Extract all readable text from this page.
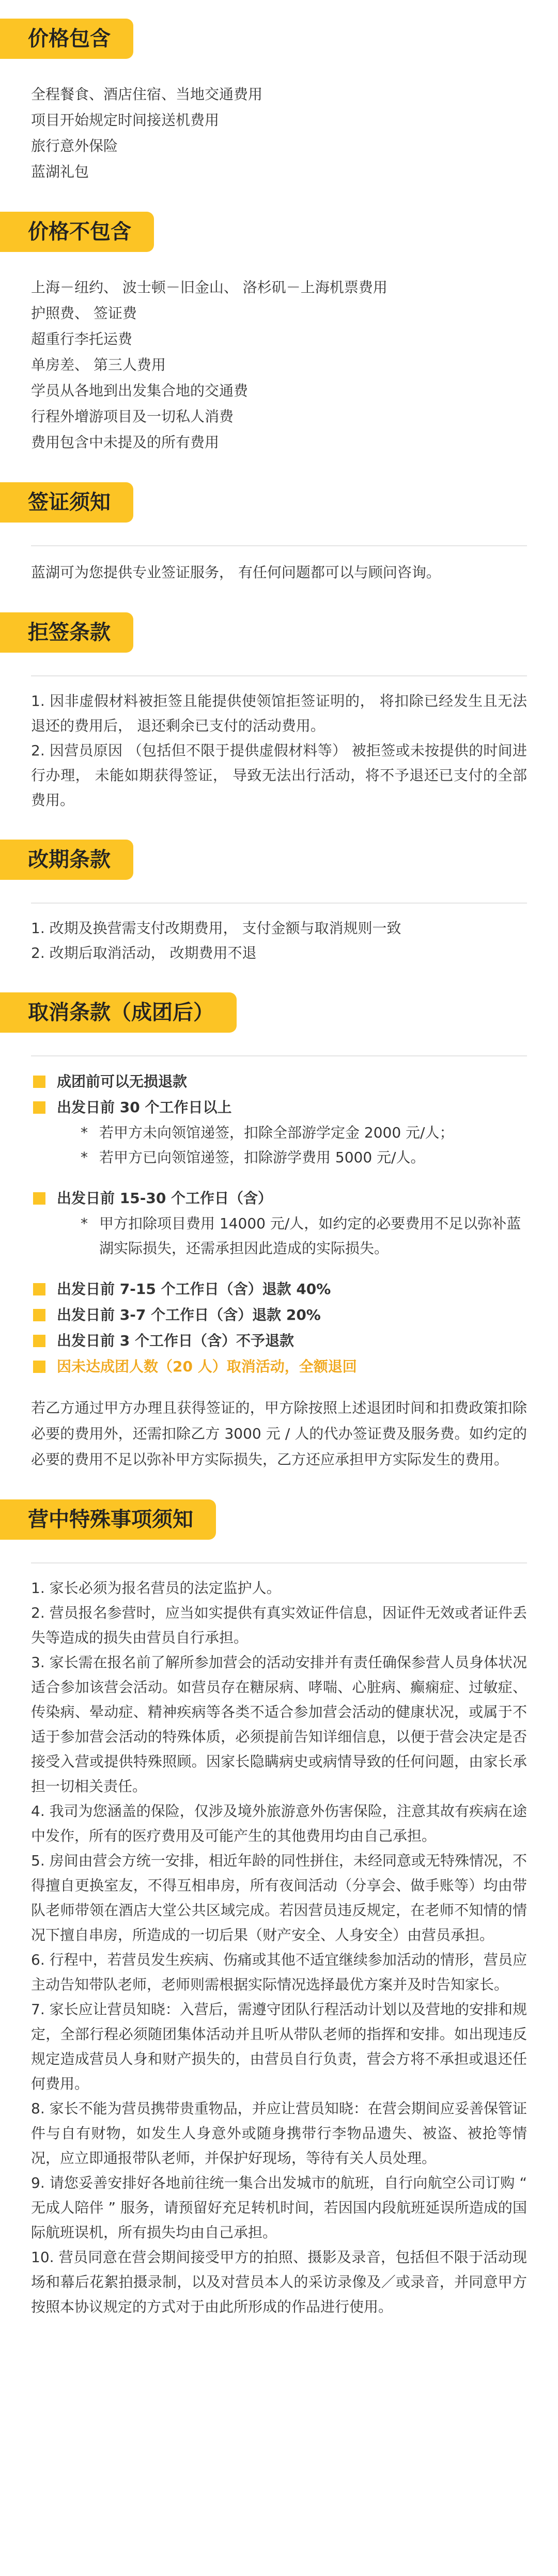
价格包含
全程餐食、酒店住宿、当地交通费用
项目开始规定时间接送机费用
旅行意外保险
蓝湖礼包
价格不包含
上海－纽约、 波士顿－旧金山、 洛杉矶－上海机票费用
护照费、 签证费
超重行李托运费
单房差、 第三人费用
学员从各地到出发集合地的交通费
行程外增游项目及一切私人消费
费用包含中未提及的所有费用
签证须知
蓝湖可为您提供专业签证服务， 有任何问题都可以与顾问咨询。
拒签条款
1. 因非虚假材料被拒签且能提供使领馆拒签证明的， 将扣除已经发生且无法退还的费用后， 退还剩余已支付的活动费用。
2. 因营员原因 （包括但不限于提供虚假材料等） 被拒签或未按提供的时间进行办理， 未能如期获得签证， 导致无法出行活动，将不予退还已支付的全部费用。
改期条款
1. 改期及换营需支付改期费用， 支付金额与取消规则一致
2. 改期后取消活动， 改期费用不退
取消条款（成团后）
成团前可以无损退款
出发日前 30 个工作日以上
* 若甲方未向领馆递签，扣除全部游学定金 2000 元/人；
* 若甲方已向领馆递签，扣除游学费用 5000 元/人。
出发日前 15-30 个工作日（含）
* 甲方扣除项目费用 14000 元/人，如约定的必要费用不足以弥补蓝湖实际损失，还需承担因此造成的实际损失。
出发日前 7-15 个工作日（含）退款 40%
出发日前 3-7 个工作日（含）退款 20%
出发日前 3 个工作日（含）不予退款
因未达成团人数（20 人）取消活动，全额退回
若乙方通过甲方办理且获得签证的，甲方除按照上述退团时间和扣费政策扣除必要的费用外，还需扣除乙方 3000 元 / 人的代办签证费及服务费。如约定的必要的费用不足以弥补甲方实际损失，乙方还应承担甲方实际发生的费用。
营中特殊事项须知
1. 家长必须为报名营员的法定监护人。
2. 营员报名参营时，应当如实提供有真实效证件信息，因证件无效或者证件丢失等造成的损失由营员自行承担。
3. 家长需在报名前了解所参加营会的活动安排并有责任确保参营人员身体状况适合参加该营会活动。如营员存在糖尿病、哮喘、心脏病、癫痫症、过敏症、传染病、晕动症、精神疾病等各类不适合参加营会活动的健康状况，或属于不适于参加营会活动的特殊体质，必须提前告知详细信息，以便于营会决定是否接受入营或提供特殊照顾。因家长隐瞒病史或病情导致的任何问题，由家长承担一切相关责任。
4. 我司为您涵盖的保险，仅涉及境外旅游意外伤害保险，注意其故有疾病在途中发作，所有的医疗费用及可能产生的其他费用均由自己承担。
5. 房间由营会方统一安排，相近年龄的同性拼住，未经同意或无特殊情况，不得擅自更换室友，不得互相串房，所有夜间活动（分享会、做手账等）均由带队老师带领在酒店大堂公共区域完成。若因营员违反规定，在老师不知情的情况下擅自串房，所造成的一切后果（财产安全、人身安全）由营员承担。
6. 行程中，若营员发生疾病、伤痛或其他不适宜继续参加活动的情形，营员应主动告知带队老师，老师则需根据实际情况选择最优方案并及时告知家长。
7. 家长应让营员知晓：入营后，需遵守团队行程活动计划以及营地的安排和规定，全部行程必须随团集体活动并且听从带队老师的指挥和安排。如出现违反规定造成营员人身和财产损失的，由营员自行负责，营会方将不承担或退还任何费用。
8. 家长不能为营员携带贵重物品，并应让营员知晓：在营会期间应妥善保管证件与自有财物，如发生人身意外或随身携带行李物品遗失、被盗、被抢等情况，应立即通报带队老师，并保护好现场，等待有关人员处理。
9. 请您妥善安排好各地前往统一集合出发城市的航班，自行向航空公司订购 “ 无成人陪伴 ” 服务，请预留好充足转机时间，若因国内段航班延误所造成的国际航班误机，所有损失均由自己承担。
10. 营员同意在营会期间接受甲方的拍照、摄影及录音，包括但不限于活动现场和幕后花絮拍摄录制，以及对营员本人的采访录像及／或录音，并同意甲方按照本协议规定的方式对于由此所形成的作品进行使用。
